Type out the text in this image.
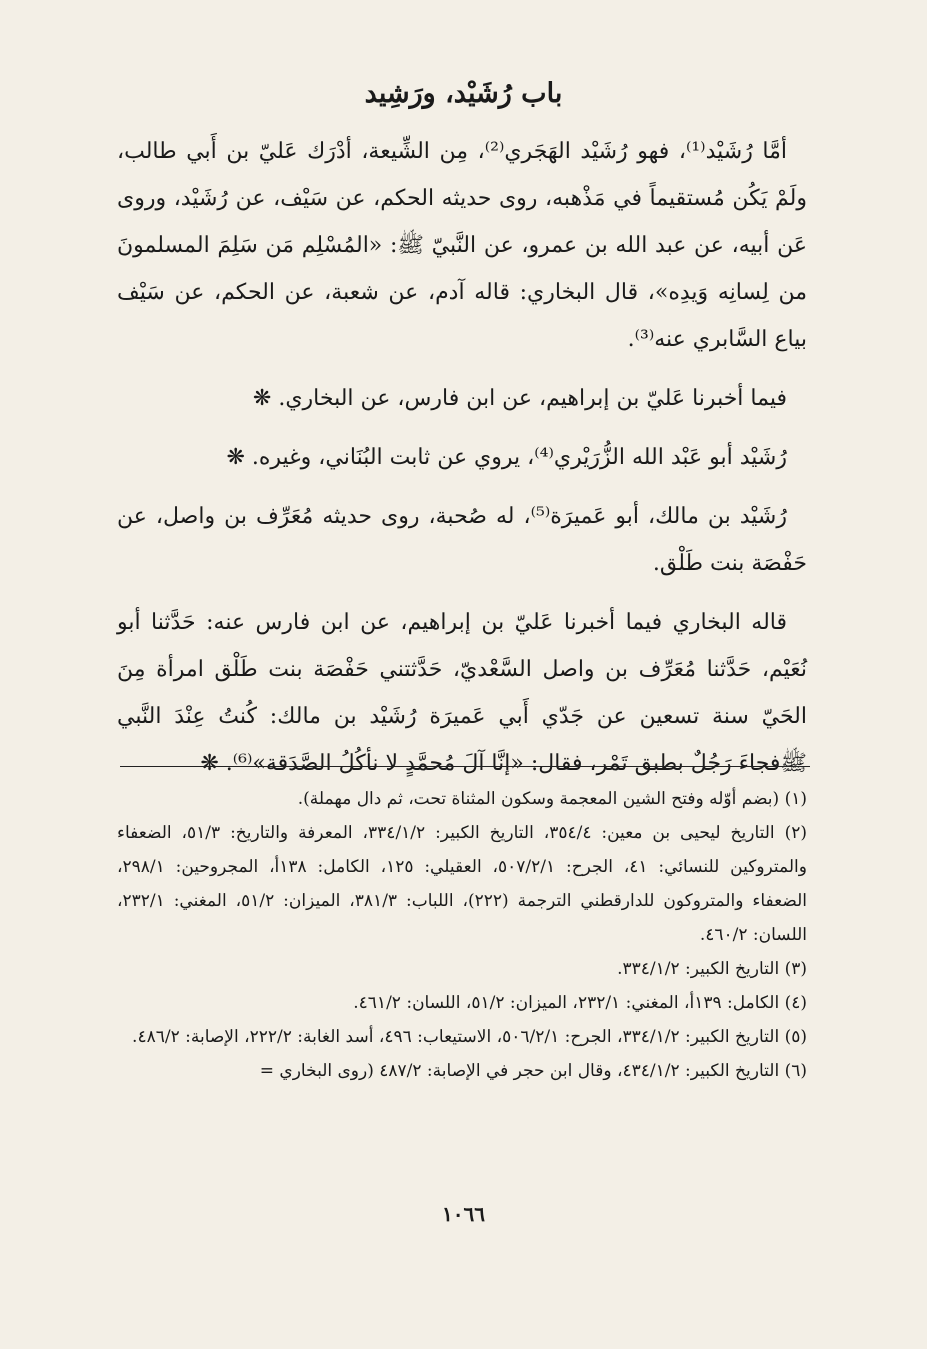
باب رُشَيْد، ورَشِيد

أمَّا رُشَيْد⁽¹⁾، فهو رُشَيْد الهَجَري⁽²⁾، مِن الشِّيعة، أدْرَك عَليّ بن أَبي طالب، ولَمْ يَكُن مُستقيماً في مَذْهبه، روى حديثه الحكم، عن سَيْف، عن رُشَيْد، وروى عَن أبيه، عن عبد الله بن عمرو، عن النَّبيّ ﷺ: «المُسْلِم مَن سَلِمَ المسلمونَ من لِسانِه وَيدِه»، قال البخاري: قاله آدم، عن شعبة، عن الحكم، عن سَيْف بياع السَّابري عنه⁽³⁾.

فيما أخبرنا عَليّ بن إبراهيم، عن ابن فارس، عن البخاري. ❋

رُشَيْد أبو عَبْد الله الزُّرَيْري⁽⁴⁾، يروي عن ثابت البُنَاني، وغيره. ❋

رُشَيْد بن مالك، أبو عَميرَة⁽⁵⁾، له صُحبة، روى حديثه مُعَرِّف بن واصل، عن حَفْصَة بنت طَلْق.

قاله البخاري فيما أخبرنا عَليّ بن إبراهيم، عن ابن فارس عنه: حَدَّثنا أبو نُعَيْم، حَدَّثنا مُعَرِّف بن واصل السَّعْديّ، حَدَّثتني حَفْصَة بنت طَلْق امرأة مِنَ الحَيّ سنة تسعين عن جَدّي أَبي عَميرَة رُشَيْد بن مالك: كُنتُ عِنْدَ النَّبي ﷺفجاءَ رَجُلٌ بطبق تَمْر، فقال: «إنَّا آلَ مُحمَّدٍ لا نأكُلُ الصَّدَقة»⁽⁶⁾. ❋

(١) (بضم أوّله وفتح الشين المعجمة وسكون المثناة تحت، ثم دال مهملة).

(٢) التاريخ ليحيى بن معين: ٣٥٤/٤، التاريخ الكبير: ٣٣٤/١/٢، المعرفة والتاريخ: ٥١/٣، الضعفاء والمتروكين للنسائي: ٤١، الجرح: ٥٠٧/٢/١، العقيلي: ١٢٥، الكامل: ١٣٨أ، المجروحين: ٢٩٨/١، الضعفاء والمتروكون للدارقطني الترجمة (٢٢٢)، اللباب: ٣٨١/٣، الميزان: ٥١/٢، المغني: ٢٣٢/١، اللسان: ٤٦٠/٢.

(٣) التاريخ الكبير: ٣٣٤/١/٢.

(٤) الكامل: ١٣٩أ، المغني: ٢٣٢/١، الميزان: ٥١/٢، اللسان: ٤٦١/٢.

(٥) التاريخ الكبير: ٣٣٤/١/٢، الجرح: ٥٠٦/٢/١، الاستيعاب: ٤٩٦، أسد الغابة: ٢٢٢/٢، الإصابة: ٤٨٦/٢.

(٦) التاريخ الكبير: ٤٣٤/١/٢، وقال ابن حجر في الإصابة: ٤٨٧/٢ (روى البخاري =

١٠٦٦
